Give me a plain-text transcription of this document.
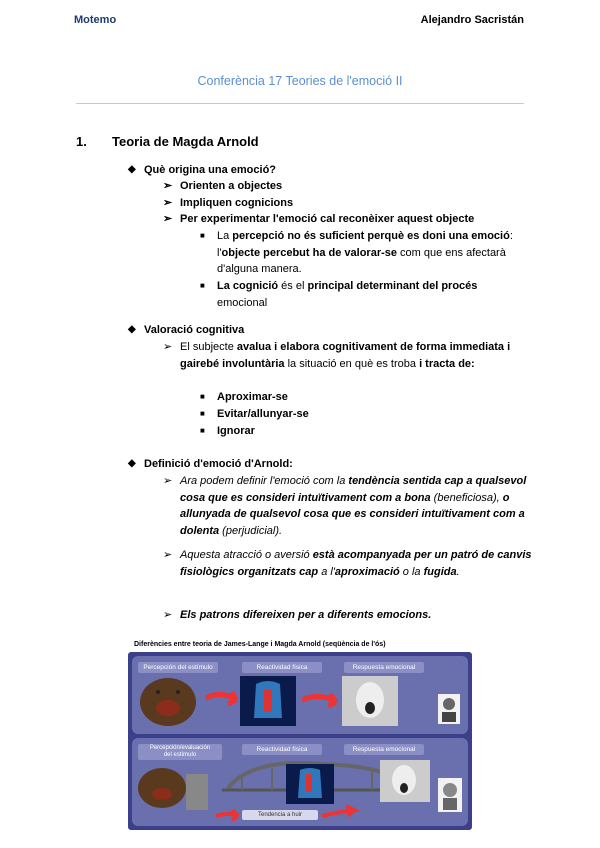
Motemo	Alejandro Sacristán
Conferència 17 Teories de l'emoció II
1. Teoria de Magda Arnold
◆ Què origina una emoció?
➢ Orienten a objectes
➢ Impliquen cognicions
➢ Per experimentar l'emoció cal reconèixer aquest objecte
■ La percepció no és suficient perquè es doni una emoció: l'objecte percebut ha de valorar-se com que ens afectarà d'alguna manera.
■ La cognició és el principal determinant del procés emocional
◆ Valoració cognitiva
➢ El subjecte avalua i elabora cognitivament de forma immediata i gairebé involuntària la situació en què es troba i tracta de:
■ Aproximar-se
■ Evitar/allunyar-se
■ Ignorar
◆ Definició d'emoció d'Arnold:
➢ Ara podem definir l'emoció com la tendència sentida cap a qualsevol cosa que es consideri intuïtivament com a bona (beneficiosa), o allunyada de qualsevol cosa que es consideri intuïtivament com a dolenta (perjudicial).
➢ Aquesta atracció o aversió està acompanyada per un patró de canvis fisiològics organitzats cap a l'aproximació o la fugida.
➢ Els patrons difereixen per a diferents emocions.
Diferències entre teoria de James-Lange i Magda Arnold (seqüència de l'ós)
Percepción del estímulo	Reactividad física	Respuesta emocional
Percepción/evaluación
del estímulo
Reactividad física	Respuesta emocional
Tendencia a huir
